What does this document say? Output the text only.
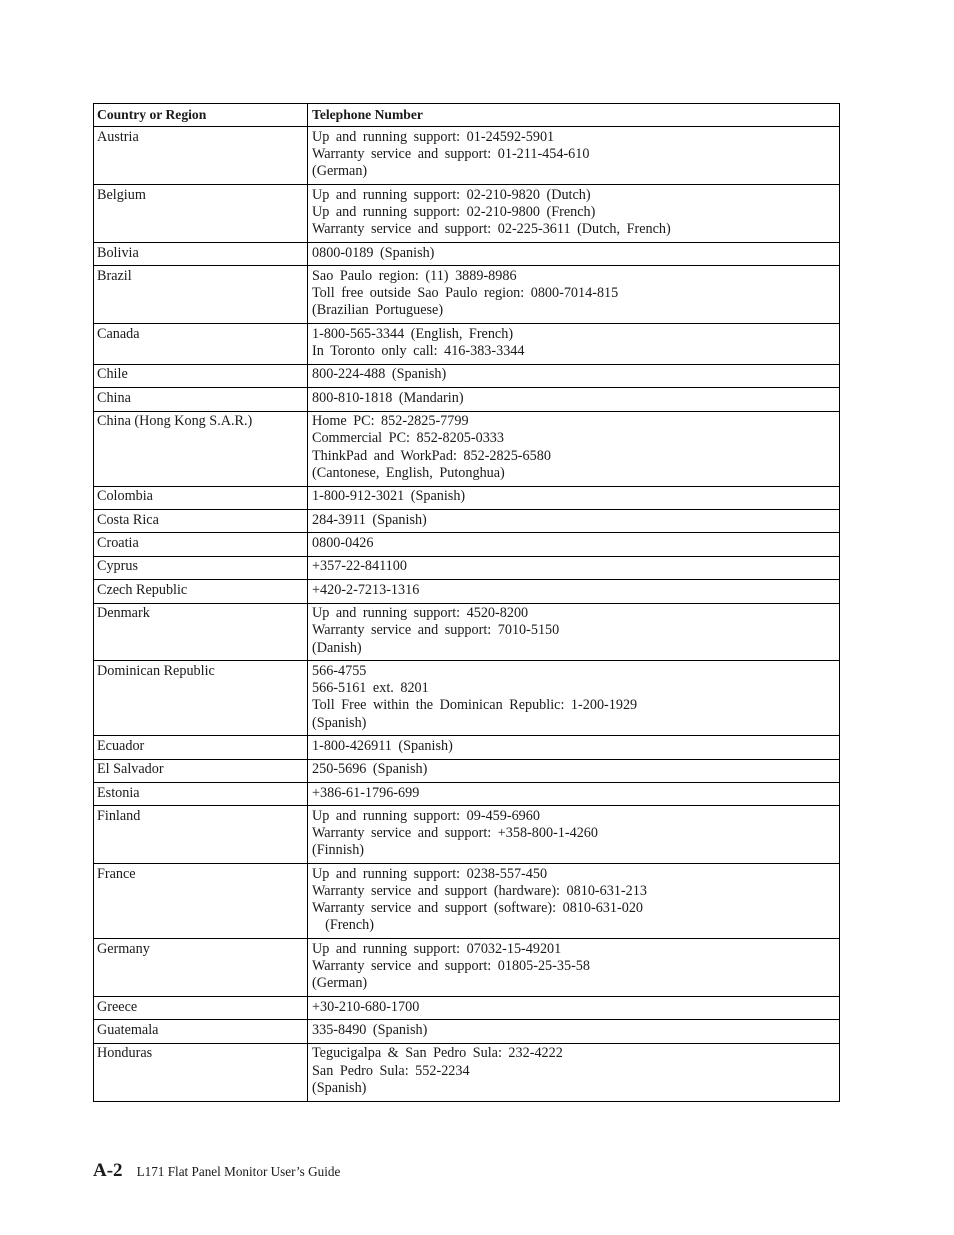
Country or Region	Telephone Number
Austria	Up and running support: 01-24592-5901
Warranty service and support: 01-211-454-610
(German)

Belgium	Up and running support: 02-210-9820 (Dutch)
Up and running support: 02-210-9800 (French)
Warranty service and support: 02-225-3611 (Dutch, French)

Bolivia	0800-0189 (Spanish)

Brazil	Sao Paulo region: (11) 3889-8986
Toll free outside Sao Paulo region: 0800-7014-815
(Brazilian Portuguese)

Canada	1-800-565-3344 (English, French)
In Toronto only call: 416-383-3344

Chile	800-224-488 (Spanish)

China	800-810-1818 (Mandarin)

China (Hong Kong S.A.R.)	Home PC: 852-2825-7799
Commercial PC: 852-8205-0333
ThinkPad and WorkPad: 852-2825-6580
(Cantonese, English, Putonghua)

Colombia	1-800-912-3021 (Spanish)

Costa Rica	284-3911 (Spanish)

Croatia	0800-0426

Cyprus	+357-22-841100

Czech Republic	+420-2-7213-1316

Denmark	Up and running support: 4520-8200
Warranty service and support: 7010-5150
(Danish)

Dominican Republic	566-4755
566-5161 ext. 8201
Toll Free within the Dominican Republic: 1-200-1929
(Spanish)

Ecuador	1-800-426911 (Spanish)

El Salvador	250-5696 (Spanish)

Estonia	+386-61-1796-699

Finland	Up and running support: 09-459-6960
Warranty service and support: +358-800-1-4260
(Finnish)

France	Up and running support: 0238-557-450
Warranty service and support (hardware): 0810-631-213
Warranty service and support (software): 0810-631-020
(French)

Germany	Up and running support: 07032-15-49201
Warranty service and support: 01805-25-35-58
(German)

Greece	+30-210-680-1700

Guatemala	335-8490 (Spanish)

Honduras	Tegucigalpa & San Pedro Sula: 232-4222
San Pedro Sula: 552-2234
(Spanish)
A-2 L171 Flat Panel Monitor User’s Guide
